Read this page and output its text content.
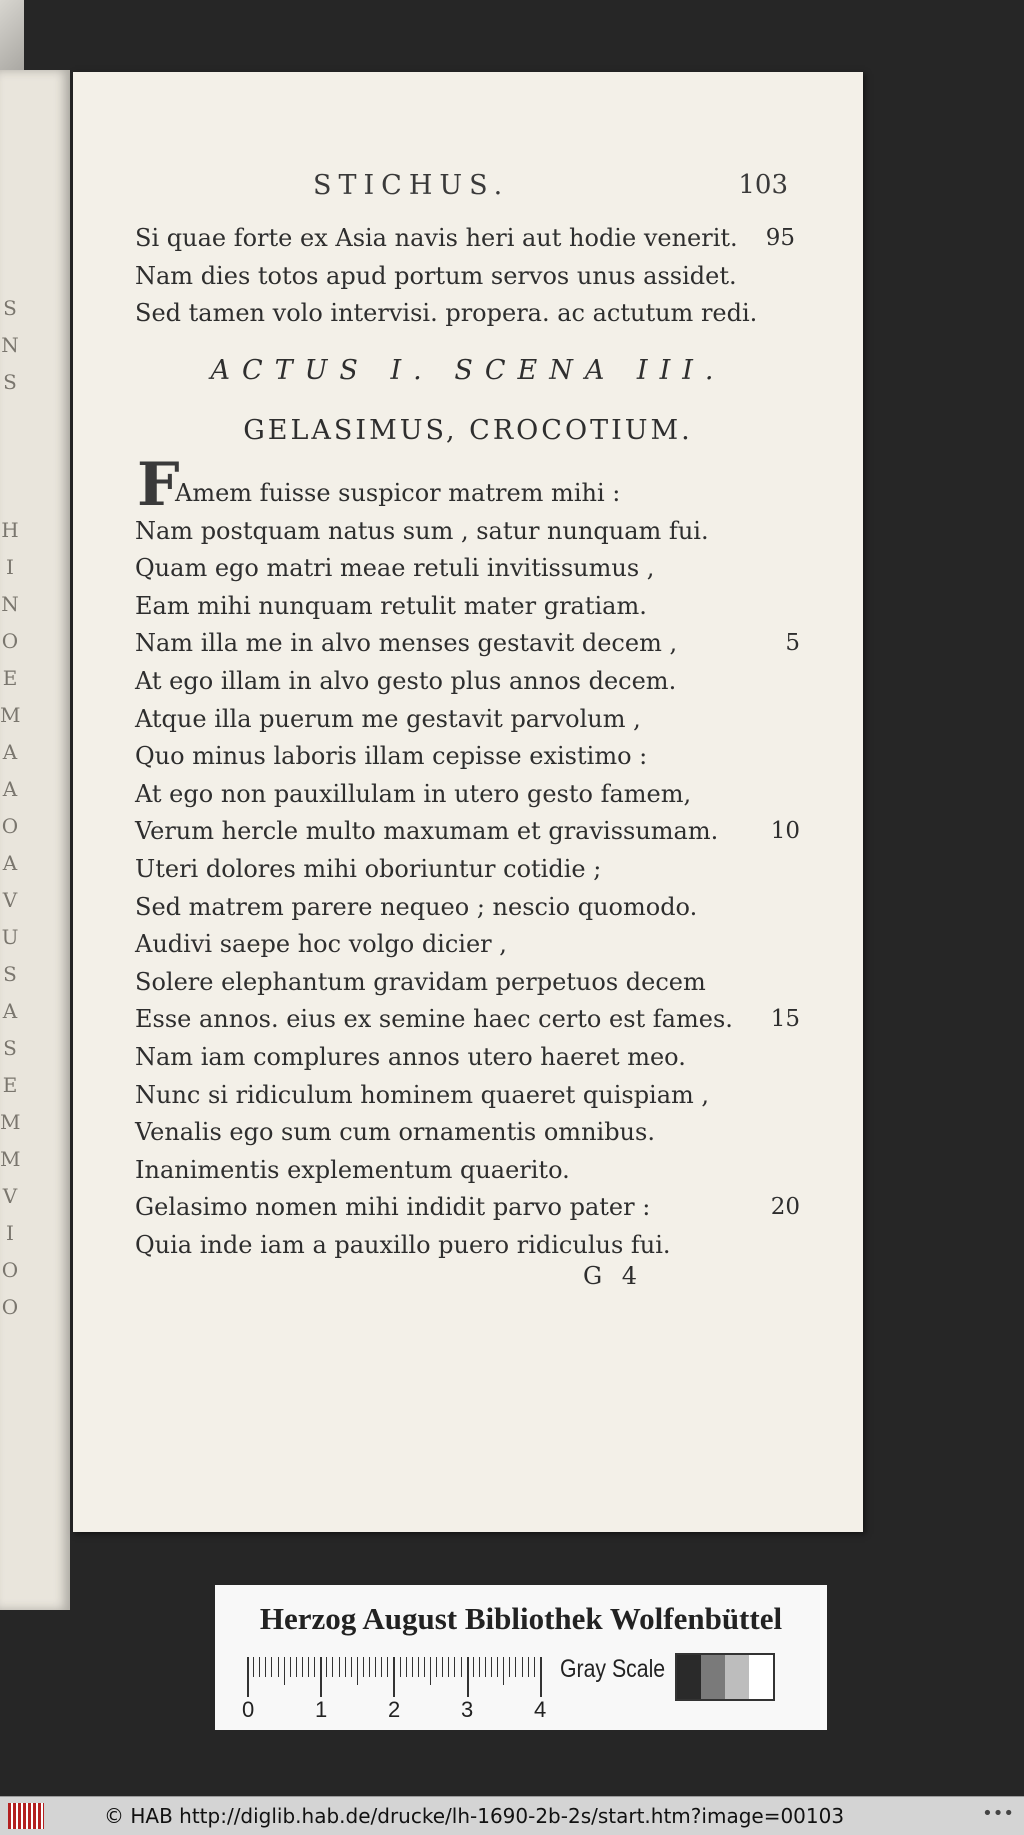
S
N
S
H
I
N
O
E
M
A
A
O
A
V
U
S
A
S
E
M
M
V
I
O
O
STICHUS.	103
Si quae forte ex Asia navis heri aut hodie venerit. 95
Nam dies totos apud portum servos unus assidet.
Sed tamen volo intervisi. propera. ac actutum redi.
ACTUS I. SCENA III.
GELASIMUS, CROCOTIUM.
F
Amem fuisse suspicor matrem mihi :
Nam postquam natus sum , satur nunquam fui.
Quam ego matri meae retuli invitissumus ,
Eam mihi nunquam retulit mater gratiam.
Nam illa me in alvo menses gestavit decem ,	5
At ego illam in alvo gesto plus annos decem.
Atque illa puerum me gestavit parvolum ,
Quo minus laboris illam cepisse existimo :
At ego non pauxillulam in utero gesto famem,
Verum hercle multo maxumam et gravissumam. 10
Uteri dolores mihi oboriuntur cotidie ;
Sed matrem parere nequeo ; nescio quomodo.
Audivi saepe hoc volgo dicier ,
Solere elephantum gravidam perpetuos decem
Esse annos. eius ex semine haec certo est fames. 15
Nam iam complures annos utero haeret meo.
Nunc si ridiculum hominem quaeret quispiam ,
Venalis ego sum cum ornamentis omnibus.
Inanimentis explementum quaerito.
Gelasimo nomen mihi indidit parvo pater :	20
Quia inde iam a pauxillo puero ridiculus fui.
G 4
Herzog August Bibliothek Wolfenbüttel
0	1	2	3	4
Gray Scale
© HAB http://diglib.hab.de/drucke/lh-1690-2b-2s/start.htm?image=00103	•••
